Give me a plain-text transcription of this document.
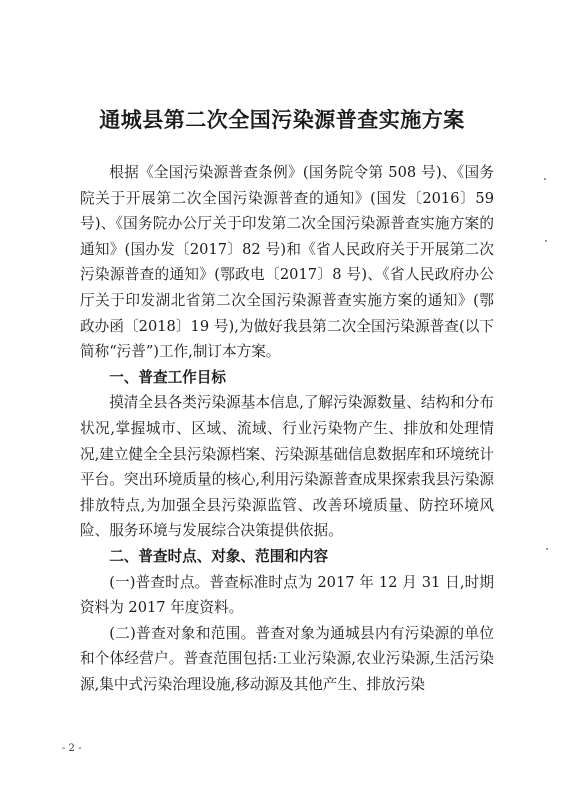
通城县第二次全国污染源普查实施方案

根据《全国污染源普查条例》(国务院令第 508 号)、《国务院关于开展第二次全国污染源普查的通知》(国发〔2016〕59 号)、《国务院办公厅关于印发第二次全国污染源普查实施方案的通知》(国办发〔2017〕82 号)和《省人民政府关于开展第二次污染源普查的通知》(鄂政电〔2017〕8 号)、《省人民政府办公厅关于印发湖北省第二次全国污染源普查实施方案的通知》(鄂政办函〔2018〕19 号),为做好我县第二次全国污染源普查(以下简称“污普”)工作,制订本方案。

一、普查工作目标

摸清全县各类污染源基本信息,了解污染源数量、结构和分布状况,掌握城市、区域、流域、行业污染物产生、排放和处理情况,建立健全全县污染源档案、污染源基础信息数据库和环境统计平台。突出环境质量的核心,利用污染源普查成果探索我县污染源排放特点,为加强全县污染源监管、改善环境质量、防控环境风险、服务环境与发展综合决策提供依据。

二、普查时点、对象、范围和内容

(一)普查时点。普查标准时点为 2017 年 12 月 31 日,时期资料为 2017 年度资料。

(二)普查对象和范围。普查对象为通城县内有污染源的单位和个体经营户。普查范围包括:工业污染源,农业污染源,生活污染源,集中式污染治理设施,移动源及其他产生、排放污染

- 2 -
